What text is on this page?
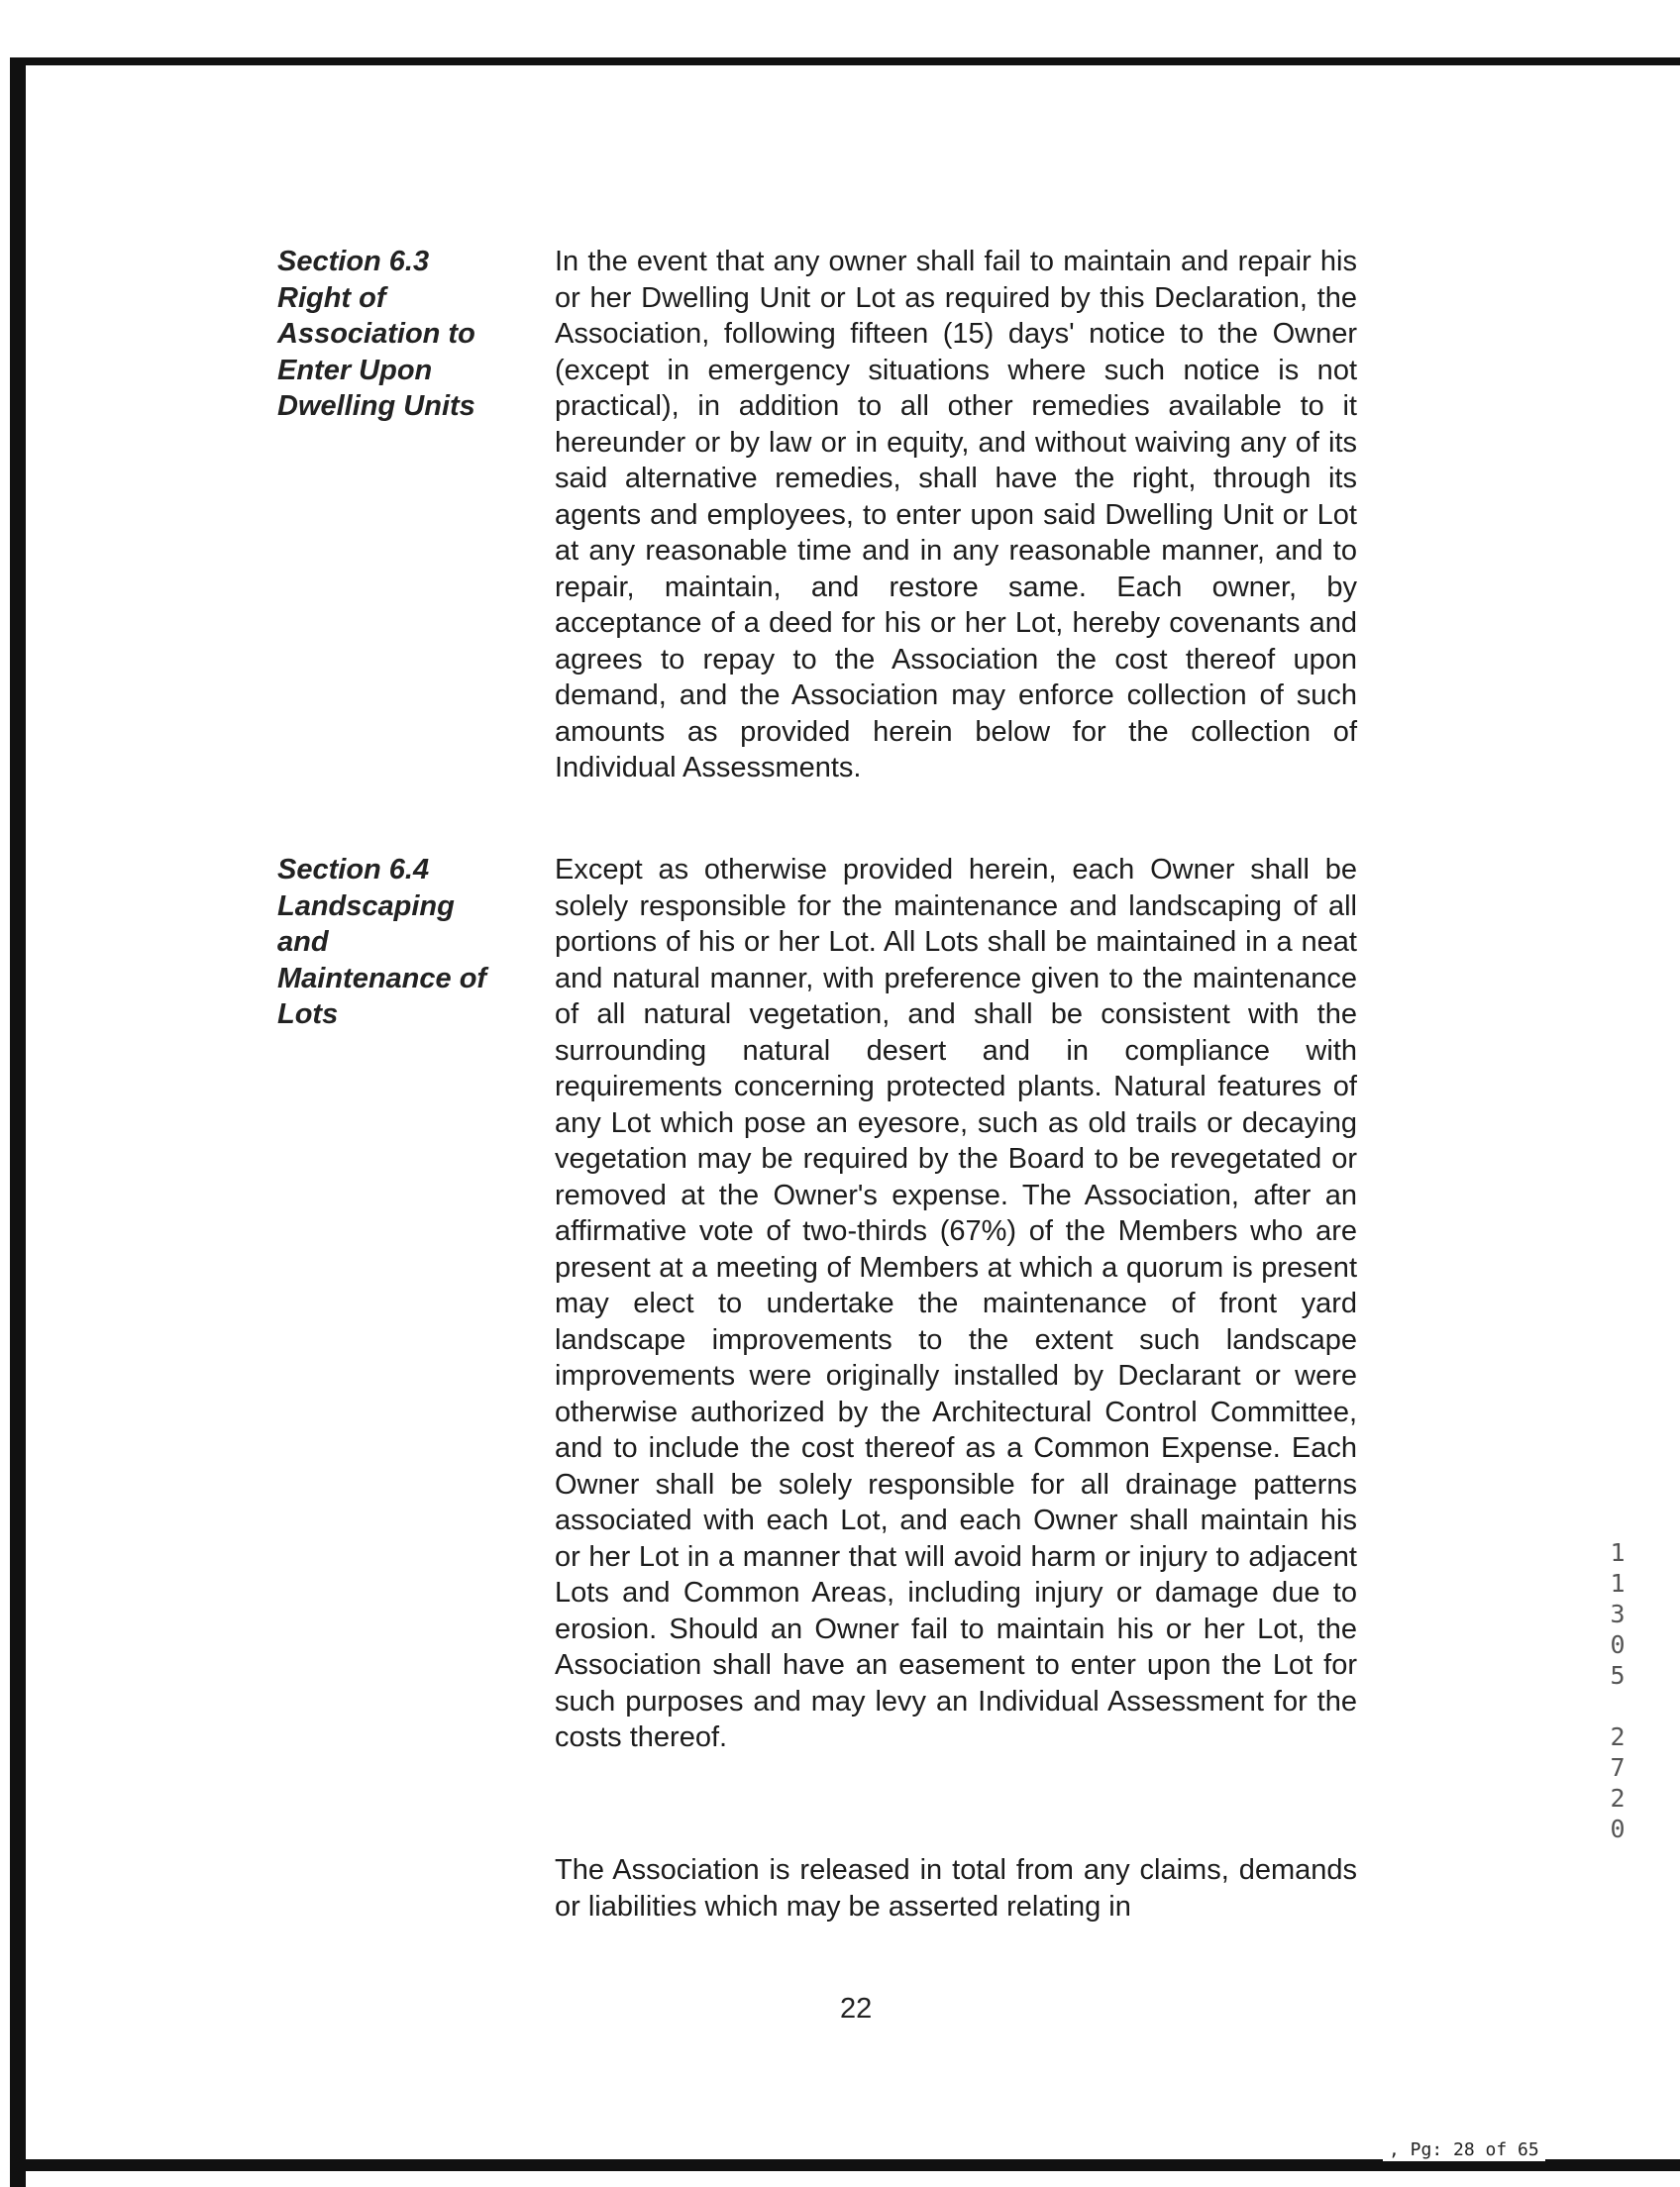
Section 6.3
Right of
Association to
Enter Upon
Dwelling Units

In the event that any owner shall fail to maintain and repair his or her Dwelling Unit or Lot as required by this Declaration, the Association, following fifteen (15) days' notice to the Owner (except in emergency situations where such notice is not practical), in addition to all other remedies available to it hereunder or by law or in equity, and without waiving any of its said alternative remedies, shall have the right, through its agents and employees, to enter upon said Dwelling Unit or Lot at any reasonable time and in any reasonable manner, and to repair, maintain, and restore same. Each owner, by acceptance of a deed for his or her Lot, hereby covenants and agrees to repay to the Association the cost thereof upon demand, and the Association may enforce collection of such amounts as provided herein below for the collection of Individual Assessments.

Section 6.4
Landscaping
and
Maintenance of
Lots

Except as otherwise provided herein, each Owner shall be solely responsible for the maintenance and landscaping of all portions of his or her Lot. All Lots shall be maintained in a neat and natural manner, with preference given to the maintenance of all natural vegetation, and shall be consistent with the surrounding natural desert and in compliance with requirements concerning protected plants. Natural features of any Lot which pose an eyesore, such as old trails or decaying vegetation may be required by the Board to be revegetated or removed at the Owner's expense. The Association, after an affirmative vote of two-thirds (67%) of the Members who are present at a meeting of Members at which a quorum is present may elect to undertake the maintenance of front yard landscape improvements to the extent such landscape improvements were originally installed by Declarant or were otherwise authorized by the Architectural Control Committee, and to include the cost thereof as a Common Expense. Each Owner shall be solely responsible for all drainage patterns associated with each Lot, and each Owner shall maintain his or her Lot in a manner that will avoid harm or injury to adjacent Lots and Common Areas, including injury or damage due to erosion. Should an Owner fail to maintain his or her Lot, the Association shall have an easement to enter upon the Lot for such purposes and may levy an Individual Assessment for the costs thereof.

The Association is released in total from any claims, demands or liabilities which may be asserted relating in

22
1
1
3
0
5

2
7
2
0
, Pg: 28 of 65
